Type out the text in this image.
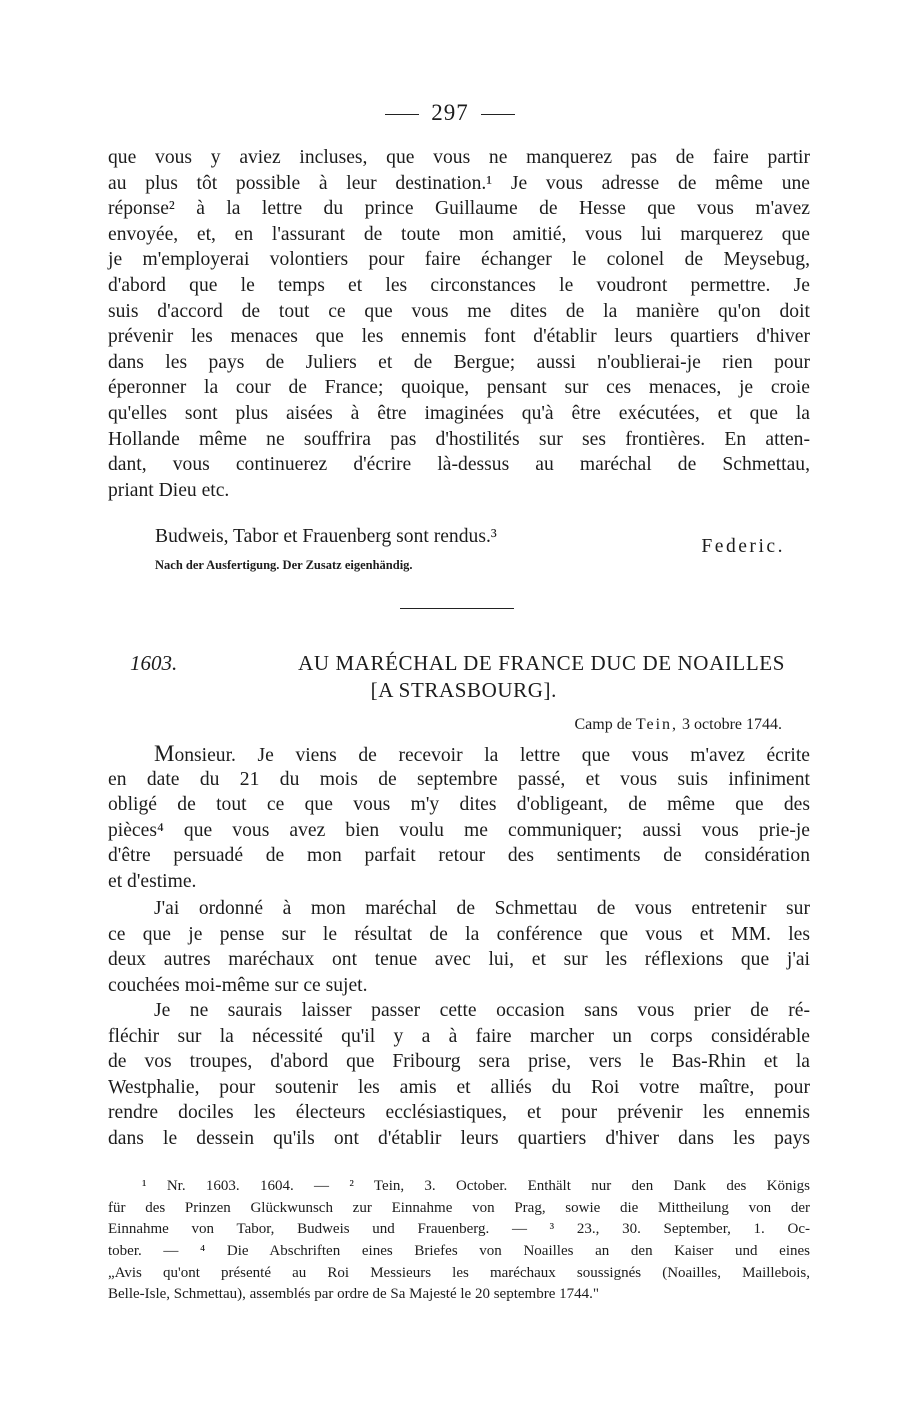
297
que vous y aviez incluses, que vous ne manquerez pas de faire partir
au plus tôt possible à leur destination.¹ Je vous adresse de même une
réponse² à la lettre du prince Guillaume de Hesse que vous m'avez
envoyée, et, en l'assurant de toute mon amitié, vous lui marquerez que
je m'employerai volontiers pour faire échanger le colonel de Meysebug,
d'abord que le temps et les circonstances le voudront permettre. Je
suis d'accord de tout ce que vous me dites de la manière qu'on doit
prévenir les menaces que les ennemis font d'établir leurs quartiers d'hiver
dans les pays de Juliers et de Bergue; aussi n'oublierai-je rien pour
éperonner la cour de France; quoique, pensant sur ces menaces, je croie
qu'elles sont plus aisées à être imaginées qu'à être exécutées, et que la
Hollande même ne souffrira pas d'hostilités sur ses frontières. En atten-
dant, vous continuerez d'écrire là-dessus au maréchal de Schmettau,
priant Dieu etc.
Budweis, Tabor et Frauenberg sont rendus.³	Federic.
Nach der Ausfertigung. Der Zusatz eigenhändig.
1603.	AU MARÉCHAL DE FRANCE DUC DE NOAILLES
[A STRASBOURG].
Camp de Tein, 3 octobre 1744.
Monsieur. Je viens de recevoir la lettre que vous m'avez écrite
en date du 21 du mois de septembre passé, et vous suis infiniment
obligé de tout ce que vous m'y dites d'obligeant, de même que des
pièces⁴ que vous avez bien voulu me communiquer; aussi vous prie-je
d'être persuadé de mon parfait retour des sentiments de considération
et d'estime.
J'ai ordonné à mon maréchal de Schmettau de vous entretenir sur
ce que je pense sur le résultat de la conférence que vous et MM. les
deux autres maréchaux ont tenue avec lui, et sur les réflexions que j'ai
couchées moi-même sur ce sujet.
Je ne saurais laisser passer cette occasion sans vous prier de ré-
fléchir sur la nécessité qu'il y a à faire marcher un corps considérable
de vos troupes, d'abord que Fribourg sera prise, vers le Bas-Rhin et la
Westphalie, pour soutenir les amis et alliés du Roi votre maître, pour
rendre dociles les électeurs ecclésiastiques, et pour prévenir les ennemis
dans le dessein qu'ils ont d'établir leurs quartiers d'hiver dans les pays
¹ Nr. 1603. 1604. — ² Tein, 3. October. Enthält nur den Dank des Königs
für des Prinzen Glückwunsch zur Einnahme von Prag, sowie die Mittheilung von der
Einnahme von Tabor, Budweis und Frauenberg. — ³ 23., 30. September, 1. Oc-
tober. — ⁴ Die Abschriften eines Briefes von Noailles an den Kaiser und eines
„Avis qu'ont présenté au Roi Messieurs les maréchaux soussignés (Noailles, Maillebois,
Belle-Isle, Schmettau), assemblés par ordre de Sa Majesté le 20 septembre 1744."
